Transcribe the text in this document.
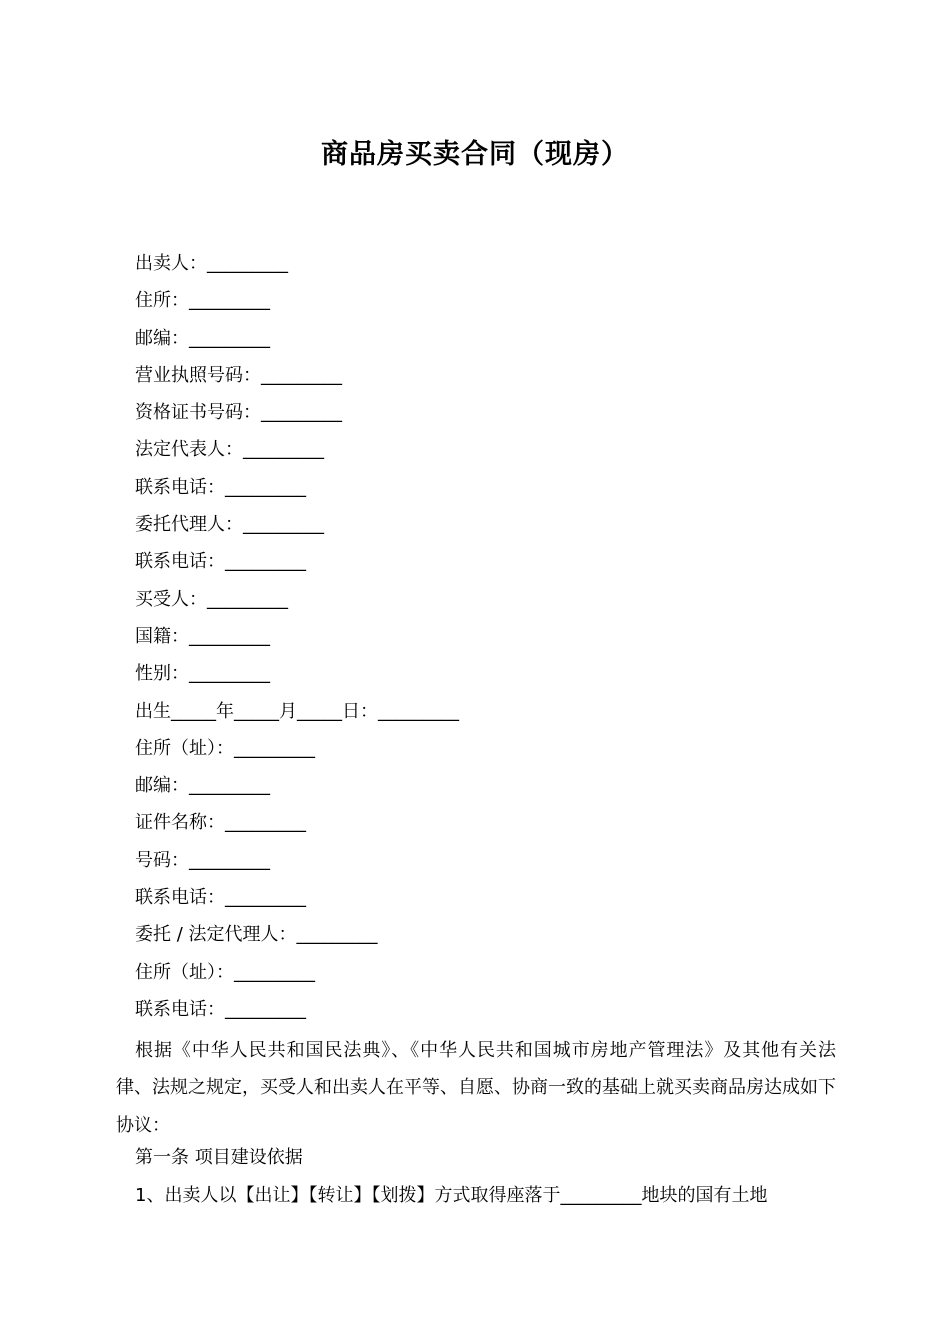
商品房买卖合同（现房）
出卖人：_________
住所：_________
邮编：_________
营业执照号码：_________
资格证书号码：_________
法定代表人：_________
联系电话：_________
委托代理人：_________
联系电话：_________
买受人：_________
国籍：_________
性别：_________
出生_____年_____月_____日：_________
住所（址）：_________
邮编：_________
证件名称：_________
号码：_________
联系电话：_________
委托 / 法定代理人：_________
住所（址）：_________
联系电话：_________
根据《中华人民共和国民法典》、《中华人民共和国城市房地产管理法》及其他有关法律、法规之规定，买受人和出卖人在平等、自愿、协商一致的基础上就买卖商品房达成如下协议：
第一条 项目建设依据
1、出卖人以【出让】【转让】【划拨】方式取得座落于_________地块的国有土地
